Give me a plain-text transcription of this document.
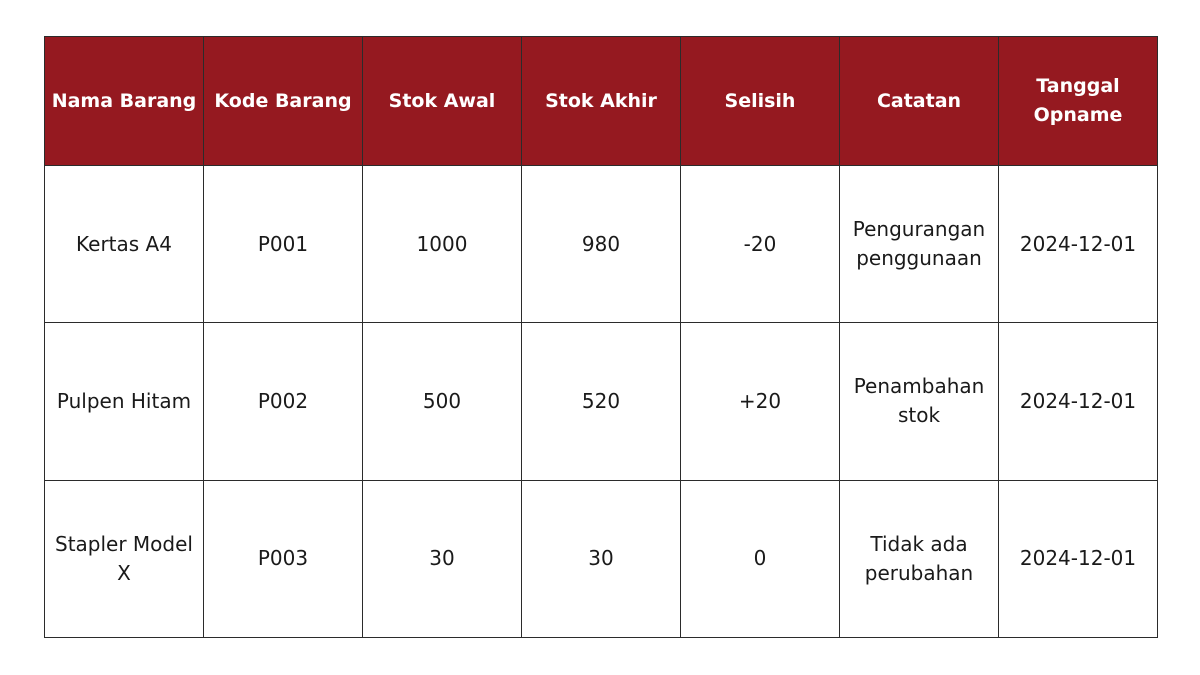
Nama Barang	Kode Barang	Stok Awal	Stok Akhir	Selisih	Catatan	Tanggal Opname
Kertas A4	P001	1000	980	-20	Pengurangan penggunaan	2024-12-01
Pulpen Hitam	P002	500	520	+20	Penambahan stok	2024-12-01
Stapler Model X	P003	30	30	0	Tidak ada perubahan	2024-12-01
